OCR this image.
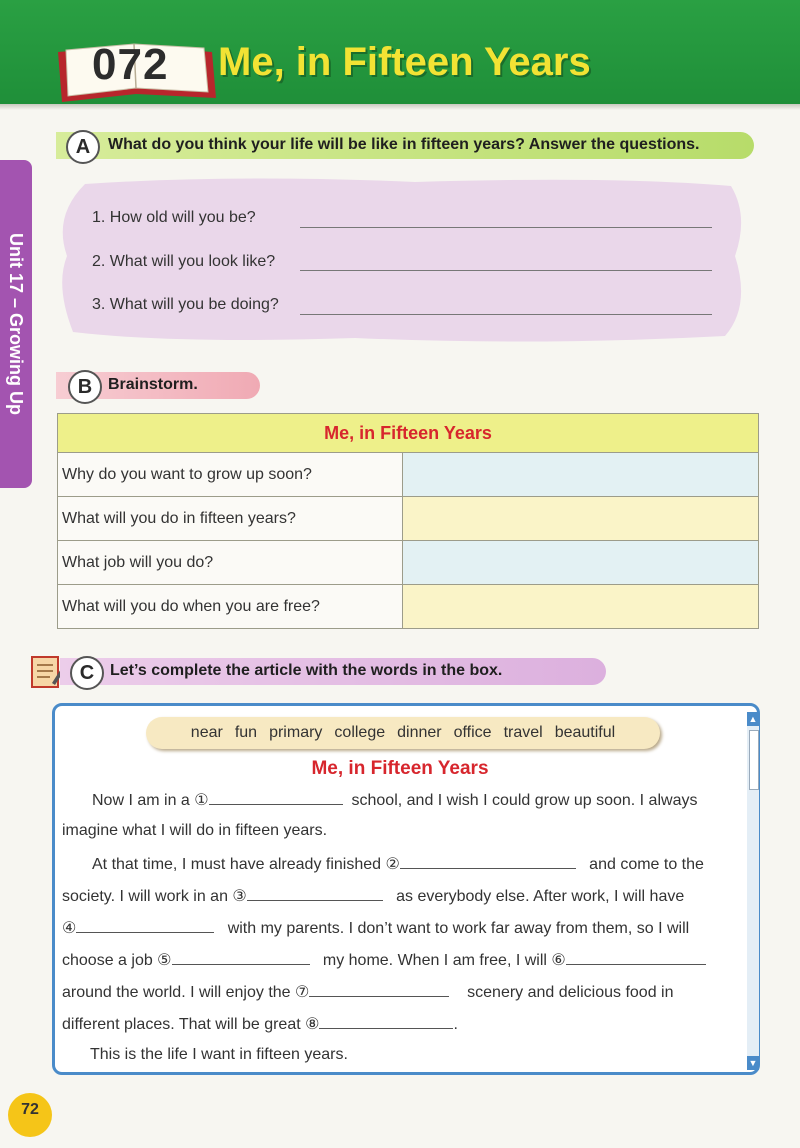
072 Me, in Fifteen Years
Unit 17 – Growing Up
A	What do you think your life will be like in fifteen years? Answer the questions.
1. How old will you be?
2. What will you look like?
3. What will you be doing?
B Brainstorm.
Me, in Fifteen Years	
Why do you want to grow up soon?	
What will you do in fifteen years?	
What job will you do?	
What will you do when you are free?	
C Let’s complete the article with the words in the box.
▲
▼
near fun primary college dinner office travel beautiful
Me, in Fifteen Years
Now I am in a ①	school, and I wish I could grow up soon. I always
imagine what I will do in fifteen years.
At that time, I must have already finished ②	and come to the
society. I will work in an ③	as everybody else. After work, I will have
④	with my parents. I don’t want to work far away from them, so I will
choose a job ⑤	my home. When I am free, I will ⑥
around the world. I will enjoy the ⑦	scenery and delicious food in
different places. That will be great ⑧	.
This is the life I want in fifteen years.
72
